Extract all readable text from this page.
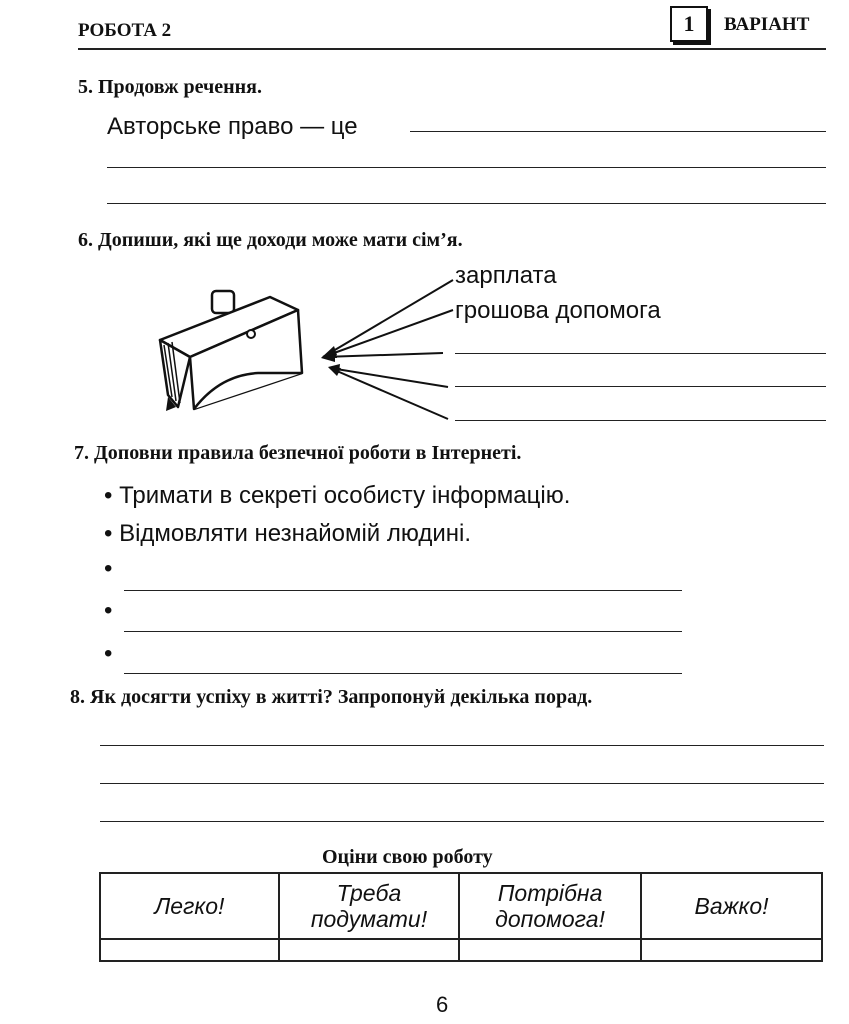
РОБОТА 2	1	ВАРІАНТ
5. Продовж речення.
Авторське право — це
6. Допиши, які ще доходи може мати сім’я.
зарплата
грошова допомога
7. Доповни правила безпечної роботи в Інтернеті.
• Тримати в секреті особисту інформацію.
• Відмовляти незнайомій людині.
•
•
•
8. Як досягти успіху в житті? Запропонуй декілька порад.
Оціни свою роботу
Легко!	Треба подумати!	Потрібна допомога!	Важко!

6
